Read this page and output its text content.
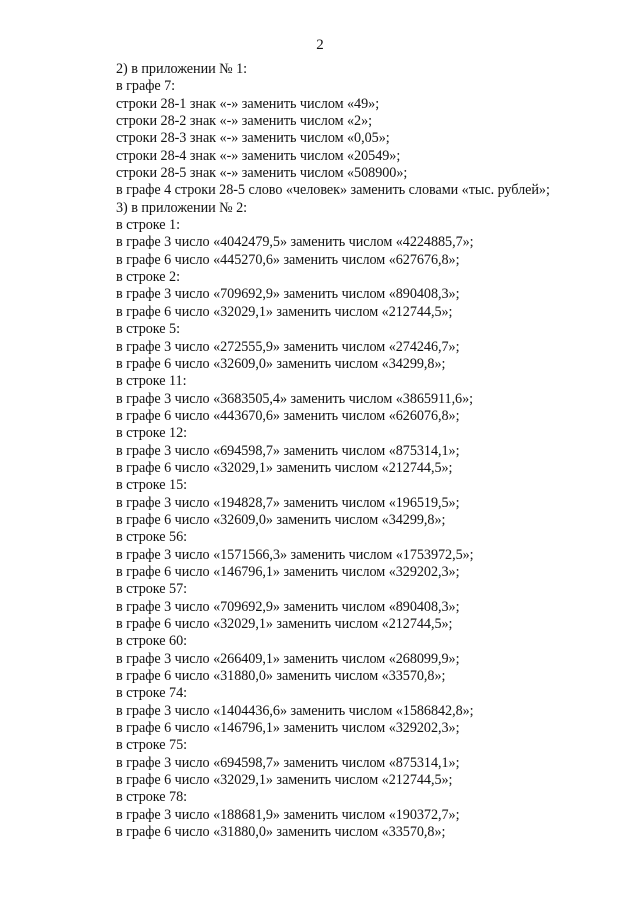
2
2) в приложении № 1:
в графе 7:
строки 28-1 знак «-» заменить числом «49»;
строки 28-2 знак «-» заменить числом «2»;
строки 28-3 знак «-» заменить числом «0,05»;
строки 28-4 знак «-» заменить числом «20549»;
строки 28-5 знак «-» заменить числом «508900»;
в графе 4 строки 28-5 слово «человек» заменить словами «тыс. рублей»;
3) в приложении № 2:
в строке 1:
в графе 3 число «4042479,5» заменить числом «4224885,7»;
в графе 6 число «445270,6» заменить числом «627676,8»;
в строке 2:
в графе 3 число «709692,9» заменить числом «890408,3»;
в графе 6 число «32029,1» заменить числом «212744,5»;
в строке 5:
в графе 3 число «272555,9» заменить числом «274246,7»;
в графе 6 число «32609,0» заменить числом «34299,8»;
в строке 11:
в графе 3 число «3683505,4» заменить числом «3865911,6»;
в графе 6 число «443670,6» заменить числом «626076,8»;
в строке 12:
в графе 3 число «694598,7» заменить числом «875314,1»;
в графе 6 число «32029,1» заменить числом «212744,5»;
в строке 15:
в графе 3 число «194828,7» заменить числом «196519,5»;
в графе 6 число «32609,0» заменить числом «34299,8»;
в строке 56:
в графе 3 число «1571566,3» заменить числом «1753972,5»;
в графе 6 число «146796,1» заменить числом «329202,3»;
в строке 57:
в графе 3 число «709692,9» заменить числом «890408,3»;
в графе 6 число «32029,1» заменить числом «212744,5»;
в строке 60:
в графе 3 число «266409,1» заменить числом «268099,9»;
в графе 6 число «31880,0» заменить числом «33570,8»;
в строке 74:
в графе 3 число «1404436,6» заменить числом «1586842,8»;
в графе 6 число «146796,1» заменить числом «329202,3»;
в строке 75:
в графе 3 число «694598,7» заменить числом «875314,1»;
в графе 6 число «32029,1» заменить числом «212744,5»;
в строке 78:
в графе 3 число «188681,9» заменить числом «190372,7»;
в графе 6 число «31880,0» заменить числом «33570,8»;
